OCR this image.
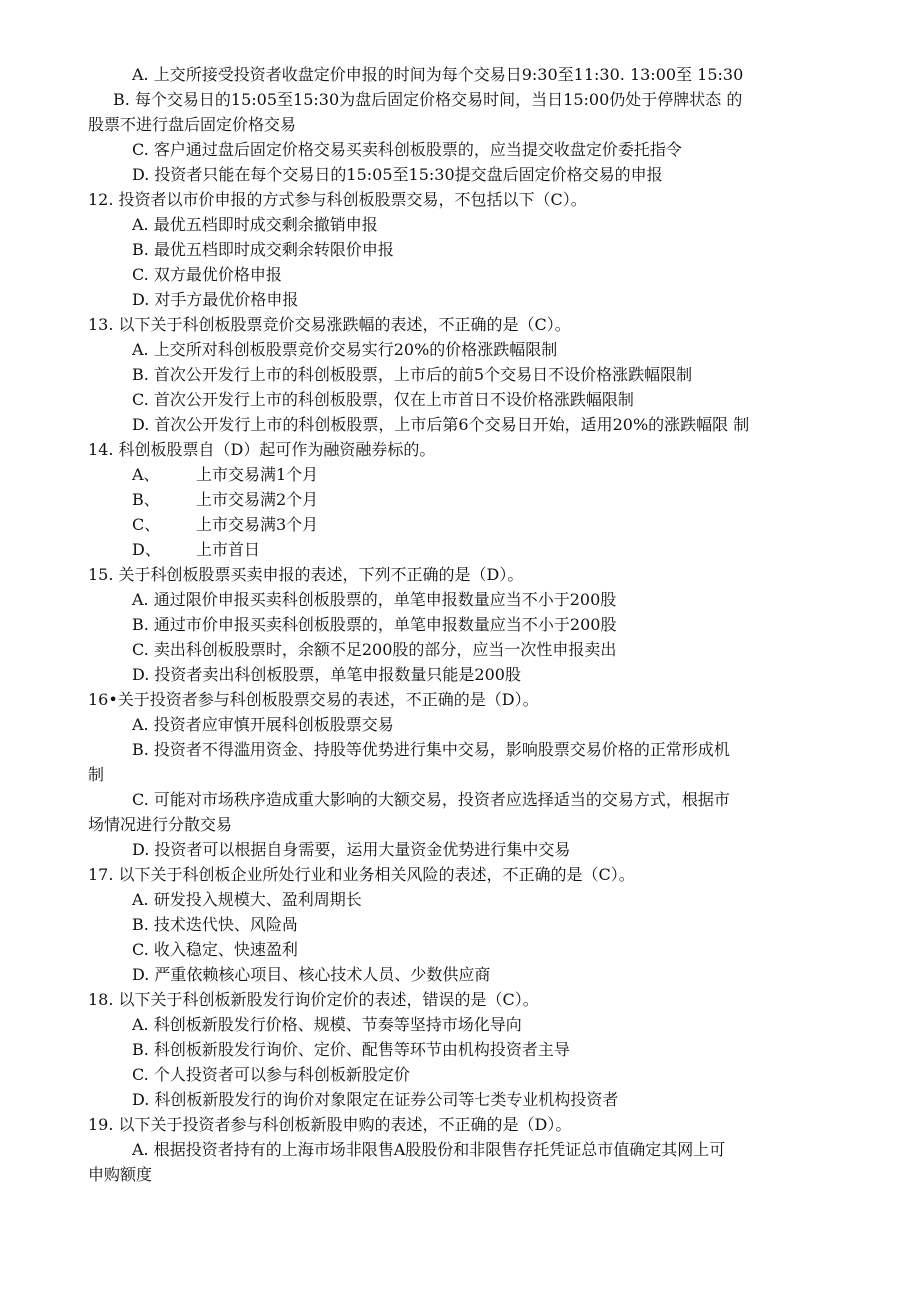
A. 上交所接受投资者收盘定价申报的时间为每个交易日9:30至11:30. 13:00至 15:30
B. 每个交易日的15:05至15:30为盘后固定价格交易时间，当日15:00仍处于停牌状态 的
股票不进行盘后固定价格交易
C. 客户通过盘后固定价格交易买卖科创板股票的，应当提交收盘定价委托指令
D. 投资者只能在每个交易日的15:05至15:30提交盘后固定价格交易的申报
12. 投资者以市价申报的方式参与科创板股票交易，不包括以下（C）。
A. 最优五档即时成交剩余撤销申报
B. 最优五档即时成交剩余转限价申报
C. 双方最优价格申报
D. 对手方最优价格申报
13. 以下关于科创板股票竞价交易涨跌幅的表述，不正确的是（C）。
A. 上交所对科创板股票竞价交易实行20%的价格涨跌幅限制
B. 首次公开发行上市的科创板股票，上市后的前5个交易日不设价格涨跌幅限制
C. 首次公开发行上市的科创板股票，仅在上市首日不设价格涨跌幅限制
D. 首次公开发行上市的科创板股票，上市后第6个交易日开始，适用20%的涨跌幅限 制
14. 科创板股票自（D）起可作为融资融券标的。
A、 上市交易满1个月
B、 上市交易满2个月
C、 上市交易满3个月
D、 上市首日
15. 关于科创板股票买卖申报的表述，下列不正确的是（D）。
A. 通过限价申报买卖科创板股票的，单笔申报数量应当不小于200股
B. 通过市价申报买卖科创板股票的，单笔申报数量应当不小于200股
C. 卖出科创板股票时，余额不足200股的部分，应当一次性申报卖出
D. 投资者卖出科创板股票，单笔申报数量只能是200股
16•关于投资者参与科创板股票交易的表述，不正确的是（D）。
A. 投资者应审慎开展科创板股票交易
B. 投资者不得滥用资金、持股等优势进行集中交易，影响股票交易价格的正常形成机
制
C. 可能对市场秩序造成重大影响的大额交易，投资者应选择适当的交易方式，根据市
场情况进行分散交易
D. 投资者可以根据自身需要，运用大量资金优势进行集中交易
17. 以下关于科创板企业所处行业和业务相关风险的表述，不正确的是（C）。
A. 研发投入规模大、盈利周期长
B. 技术迭代快、风险咼
C. 收入稳定、快速盈利
D. 严重依赖核心项目、核心技术人员、少数供应商
18. 以下关于科创板新股发行询价定价的表述，错误的是（C）。
A. 科创板新股发行价格、规模、节奏等坚持市场化导向
B. 科创板新股发行询价、定价、配售等环节由机构投资者主导
C. 个人投资者可以参与科创板新股定价
D. 科创板新股发行的询价对象限定在证券公司等七类专业机构投资者
19. 以下关于投资者参与科创板新股申购的表述，不正确的是（D）。
A. 根据投资者持有的上海市场非限售A股股份和非限售存托凭证总市值确定其网上可
申购额度
